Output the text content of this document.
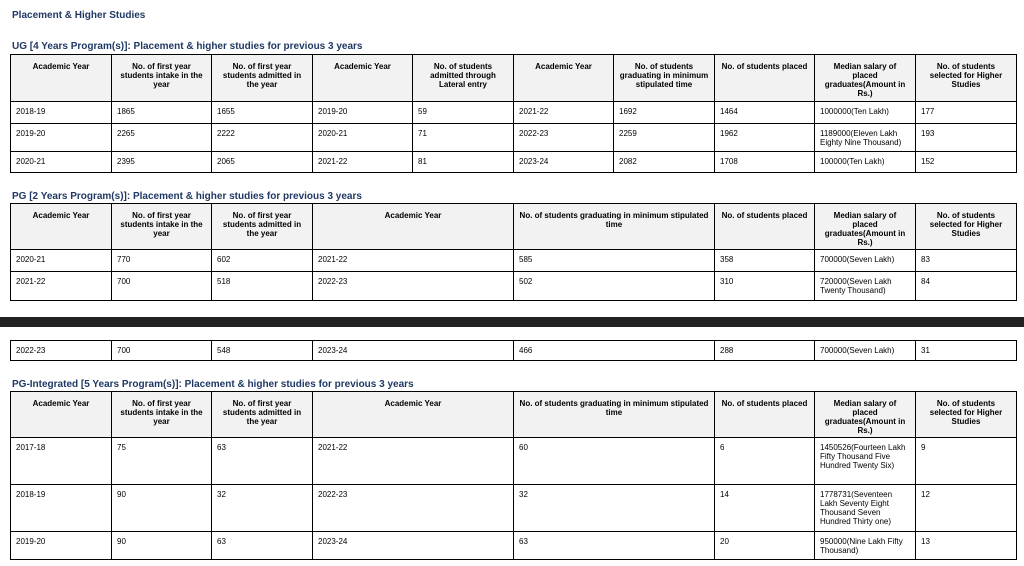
Placement & Higher Studies
UG [4 Years Program(s)]: Placement & higher studies for previous 3 years
Academic Year	No. of first year students intake in the year	No. of first year students admitted in the year	Academic Year	No. of students admitted through Lateral entry	Academic Year	No. of students graduating in minimum stipulated time	No. of students placed	Median salary of placed graduates(Amount in Rs.)	No. of students selected for Higher Studies
2018-19	1865	1655	2019-20	59	2021-22	1692	1464	1000000(Ten Lakh)	177
2019-20	2265	2222	2020-21	71	2022-23	2259	1962	1189000(Eleven Lakh Eighty Nine Thousand)	193
2020-21	2395	2065	2021-22	81	2023-24	2082	1708	100000(Ten Lakh)	152
PG [2 Years Program(s)]: Placement & higher studies for previous 3 years
Academic Year	No. of first year students intake in the year	No. of first year students admitted in the year	Academic Year	No. of students graduating in minimum stipulated time	No. of students placed	Median salary of placed graduates(Amount in Rs.)	No. of students selected for Higher Studies
2020-21	770	602	2021-22	585	358	700000(Seven Lakh)	83
2021-22	700	518	2022-23	502	310	720000(Seven Lakh Twenty Thousand)	84
2022-23	700	548	2023-24	466	288	700000(Seven Lakh)	31
PG-Integrated [5 Years Program(s)]: Placement & higher studies for previous 3 years
Academic Year	No. of first year students intake in the year	No. of first year students admitted in the year	Academic Year	No. of students graduating in minimum stipulated time	No. of students placed	Median salary of placed graduates(Amount in Rs.)	No. of students selected for Higher Studies
2017-18	75	63	2021-22	60	6	1450526(Fourteen Lakh Fifty Thousand Five Hundred Twenty Six)	9
2018-19	90	32	2022-23	32	14	1778731(Seventeen Lakh Seventy Eight Thousand Seven Hundred Thirty one)	12
2019-20	90	63	2023-24	63	20	950000(Nine Lakh Fifty Thousand)	13
